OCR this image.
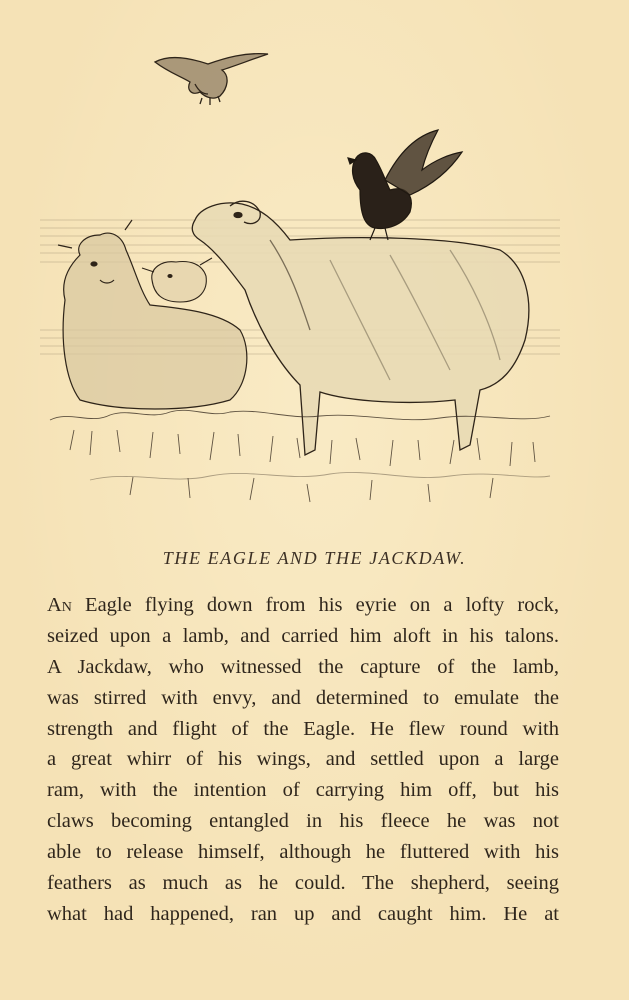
THE EAGLE AND THE JACKDAW.
An Eagle flying down from his eyrie on a lofty rock,
seized upon a lamb, and carried him aloft in his talons.
A Jackdaw, who witnessed the capture of the lamb,
was stirred with envy, and determined to emulate the
strength and flight of the Eagle. He flew round with
a great whirr of his wings, and settled upon a large
ram, with the intention of carrying him off, but his
claws becoming entangled in his fleece he was not
able to release himself, although he fluttered with his
feathers as much as he could. The shepherd, seeing
what had happened, ran up and caught him. He at
